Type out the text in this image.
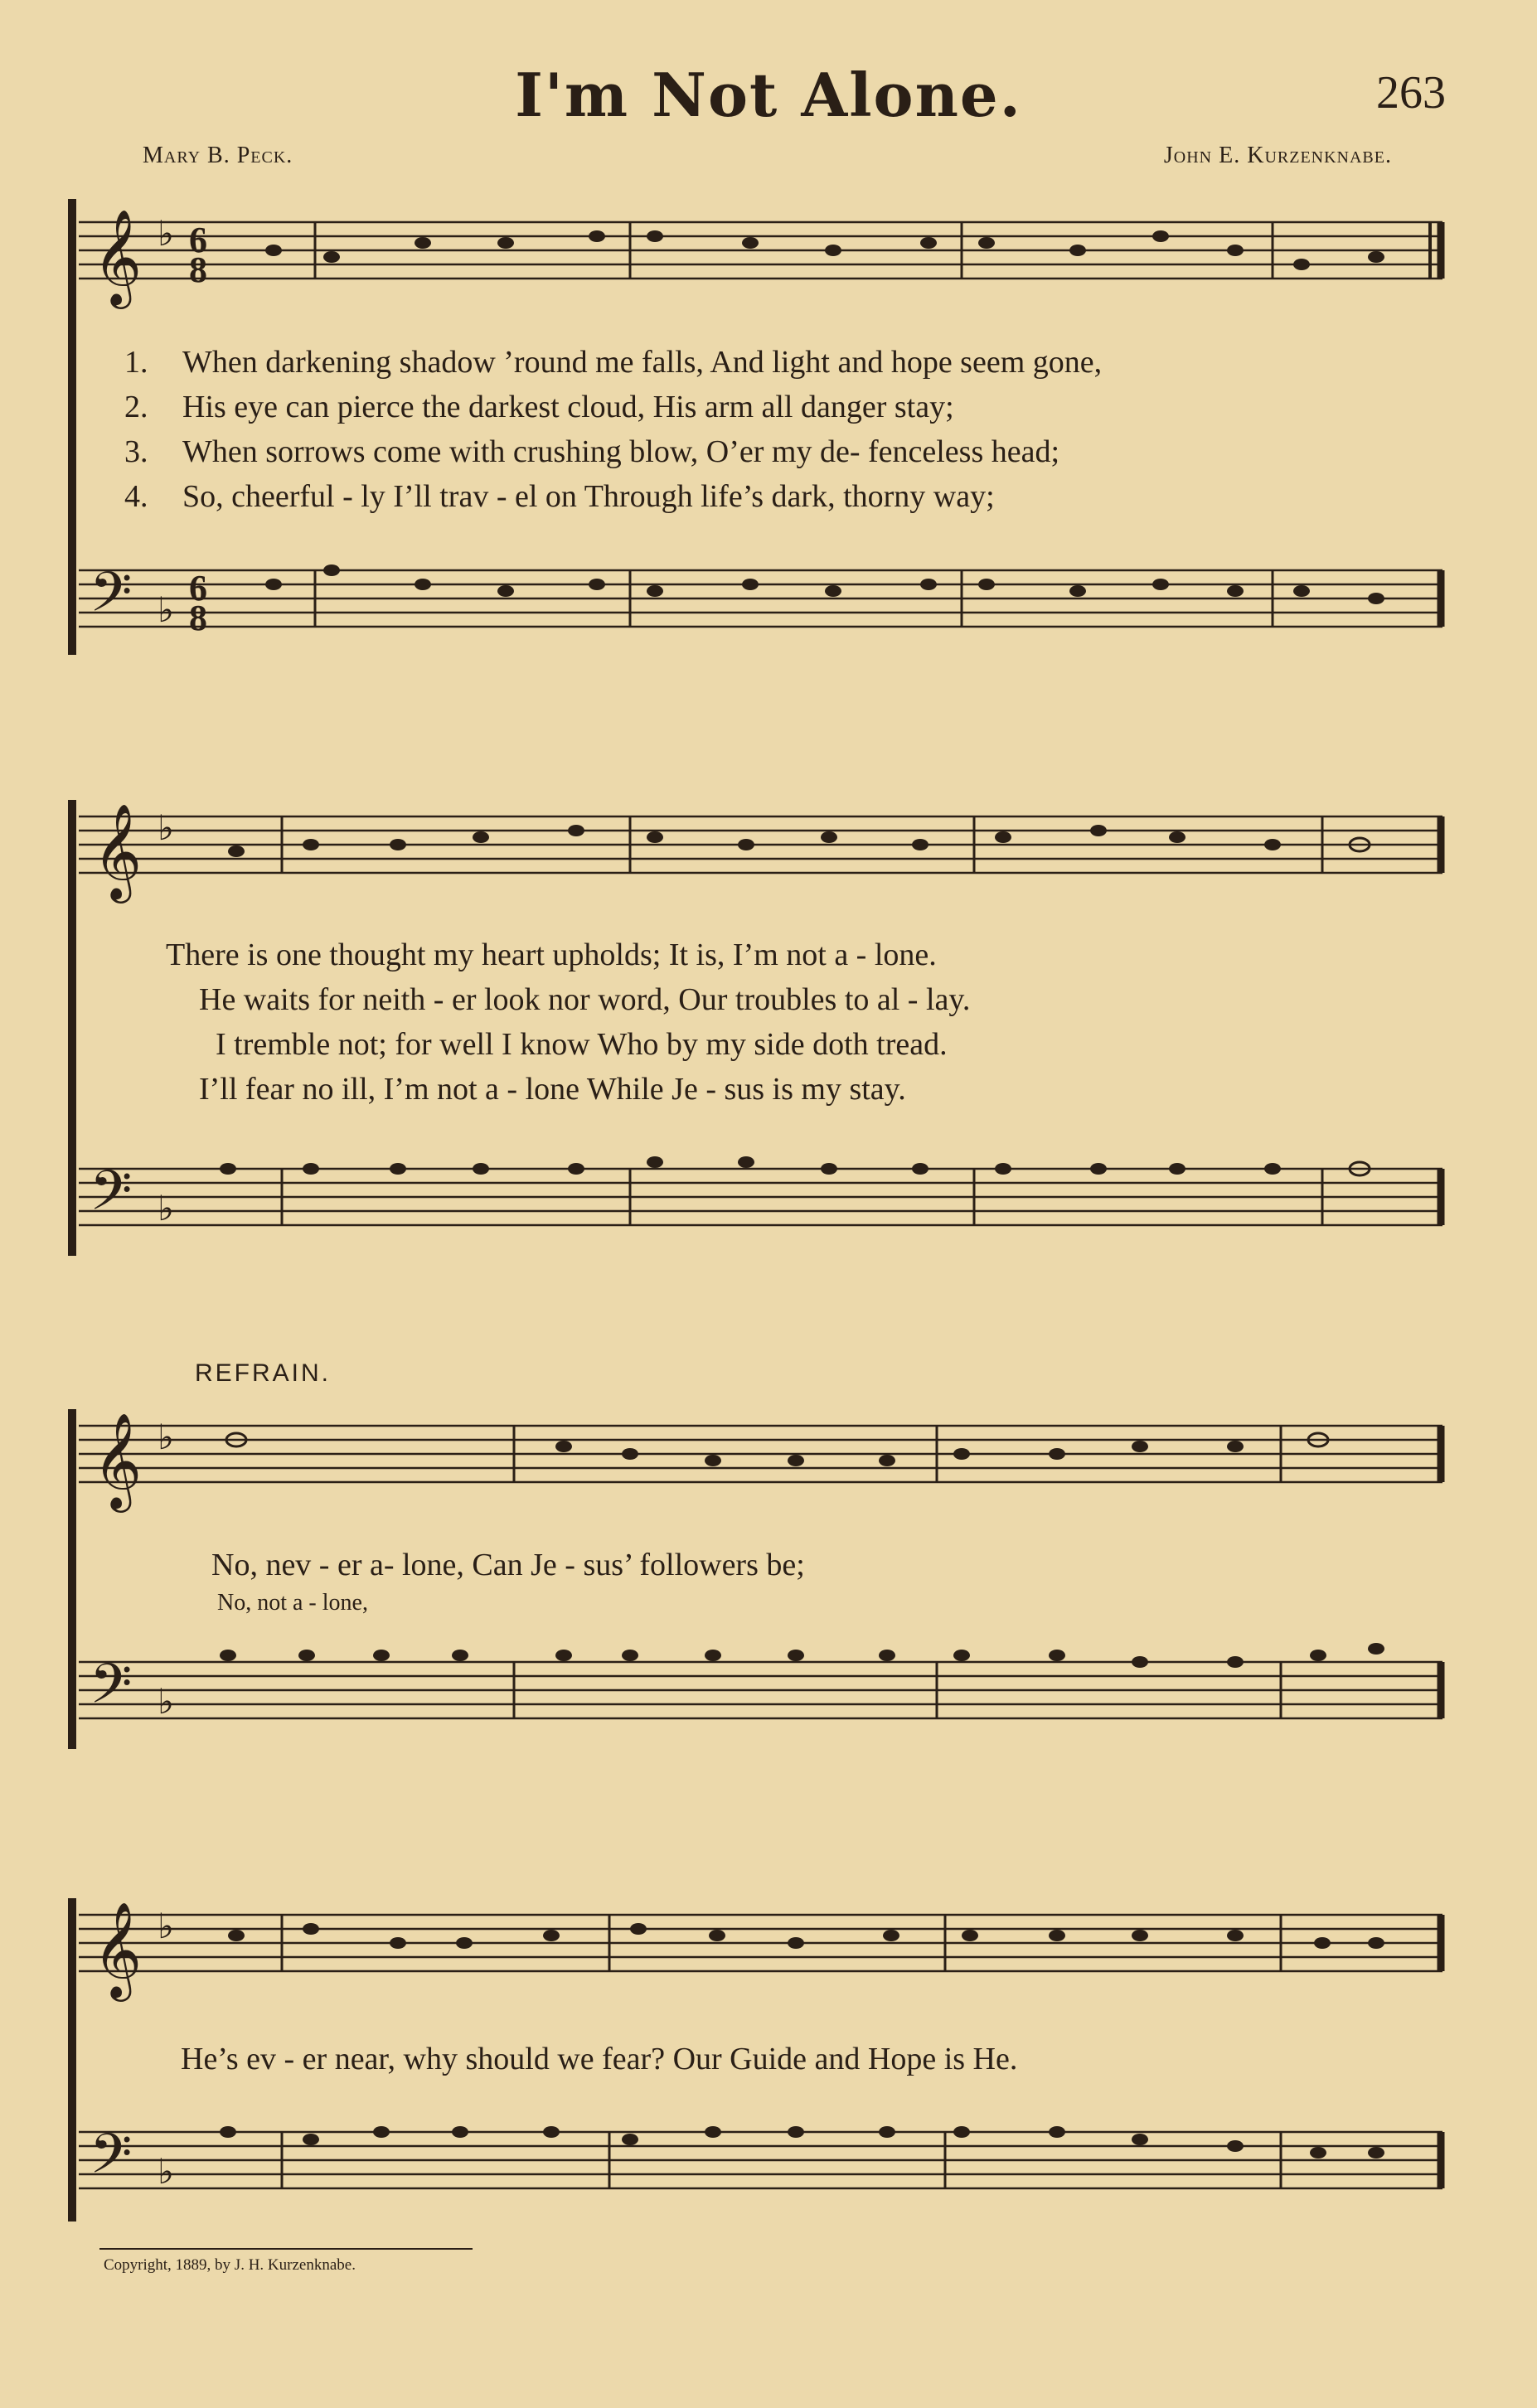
I'm Not Alone.	263
Mary B. Peck.	John E. Kurzenknabe.
𝄞 ♭ 6
8
1. When darkening shadow ’round me falls, And light and hope seem gone,
2. His eye can pierce the darkest cloud, His arm all danger stay;
3. When sorrows come with crushing blow, O’er my de- fenceless head;
4. So, cheerful - ly I’ll trav - el on Through life’s dark, thorny way;
𝄢 ♭
6
8
𝄞 ♭
There is one thought my heart upholds; It is, I’m not a - lone.
He waits for neith - er look nor word, Our troubles to al - lay.
I tremble not; for well I know Who by my side doth tread.
I’ll fear no ill, I’m not a - lone While Je - sus is my stay.
𝄢 ♭
REFRAIN.
𝄞 ♭
No, nev - er a- lone, Can Je - sus’ followers be;
No, not a - lone,
𝄢 ♭
𝄞 ♭
He’s ev - er near, why should we fear? Our Guide and Hope is He.
𝄢 ♭
Copyright, 1889, by J. H. Kurzenknabe.
